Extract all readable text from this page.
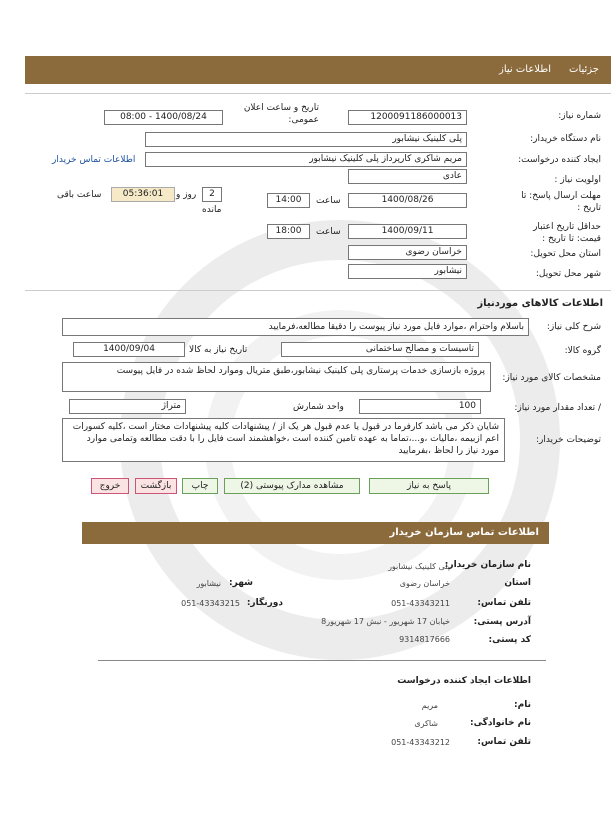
جزئیات
اطلاعات نیاز
شماره نیاز:
1200091186000013
تاریخ و ساعت اعلان عمومی:
1400/08/24 - 08:00
نام دستگاه خریدار:
پلی کلینیک نیشابور
ایجاد کننده درخواست:
مریم شاکری کارپرداز پلی کلینیک نیشابور
اطلاعات تماس خریدار
اولویت نیاز :
عادی
مهلت ارسال پاسخ: تا تاریخ :
1400/08/26
ساعت
14:00
2
روز و
مانده
05:36:01
ساعت باقی
حداقل تاریخ اعتبار قیمت: تا تاریخ :
1400/09/11
ساعت
18:00
استان محل تحویل:
خراسان رضوی
شهر محل تحویل:
نیشابور
اطلاعات کالاهای موردنیاز
شرح کلی نیاز:
باسلام واحترام ،موارد فایل مورد نیاز پیوست را دقیقا مطالعه،فرمایید
گروه کالا:
تاسیسات و مصالح ساختمانی
تاریخ نیاز به کالا
1400/09/04
مشخصات کالای مورد نیاز:
پروژه بازسازی خدمات پرستاری پلی کلینیک نیشابور،طبق متریال وموارد لحاظ شده در فایل پیوست
/ تعداد مقدار مورد نیاز:
100
واحد شمارش
متراژ
توضیحات خریدار:
شایان ذکر می باشد کارفرما در قبول یا عدم قبول هر یک از / پیشنهادات کلیه پیشنهادات مختار است ،کلیه کسورات اعم ازبیمه ،مالیات ،و...،تماما به عهده تامین کننده است ،خواهشمند است فایل را با دقت مطالعه وتمامی موارد مورد نیاز را لحاظ ،بفرمایید
پاسخ به نیاز
مشاهده مدارک پیوستی (2)
چاپ
بازگشت
خروج
اطلاعات تماس سازمان خریدار
نام سازمان خریدار:
پلی کلینیک نیشابور
استان
خراسان رضوی
شهر:
نیشابور
تلفن تماس:
051-43343211
دورنگار:
051-43343215
آدرس پستی:
خیابان 17 شهریور - نبش 17 شهریور8
کد پستی:
9314817666
اطلاعات ایجاد کننده درخواست
نام:
مریم
نام خانوادگی:
شاکری
تلفن تماس:
051-43343212
